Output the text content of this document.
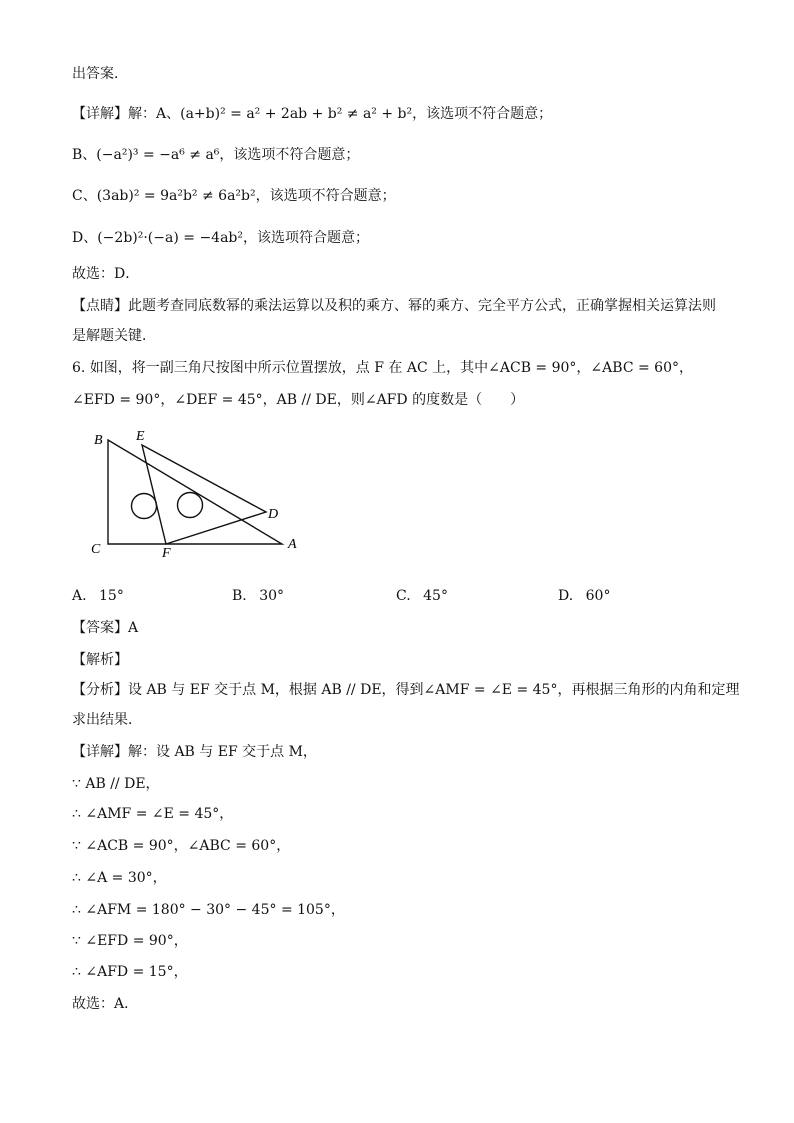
出答案．
【详解】解：A、(a+b)² = a² + 2ab + b² ≠ a² + b²，该选项不符合题意；
B、(−a²)³ = −a⁶ ≠ a⁶，该选项不符合题意；
C、(3ab)² = 9a²b² ≠ 6a²b²，该选项不符合题意；
D、(−2b)²·(−a) = −4ab²，该选项符合题意；
故选：D．
【点睛】此题考查同底数幂的乘法运算以及积的乘方、幂的乘方、完全平方公式，正确掌握相关运算法则
是解题关键．
6. 如图，将一副三角尺按图中所示位置摆放，点 F 在 AC 上，其中∠ACB = 90°，∠ABC = 60°，
∠EFD = 90°，∠DEF = 45°，AB // DE，则∠AFD 的度数是（　　）
B E
D
C	F
A
A. 15°	B. 30°	C. 45°	D. 60°
【答案】A
【解析】
【分析】设 AB 与 EF 交于点 M，根据 AB // DE，得到∠AMF = ∠E = 45°，再根据三角形的内角和定理
求出结果．
【详解】解：设 AB 与 EF 交于点 M，
∵ AB // DE，
∴ ∠AMF = ∠E = 45°，
∵ ∠ACB = 90°，∠ABC = 60°，
∴ ∠A = 30°，
∴ ∠AFM = 180° − 30° − 45° = 105°，
∵ ∠EFD = 90°，
∴ ∠AFD = 15°，
故选：A．
